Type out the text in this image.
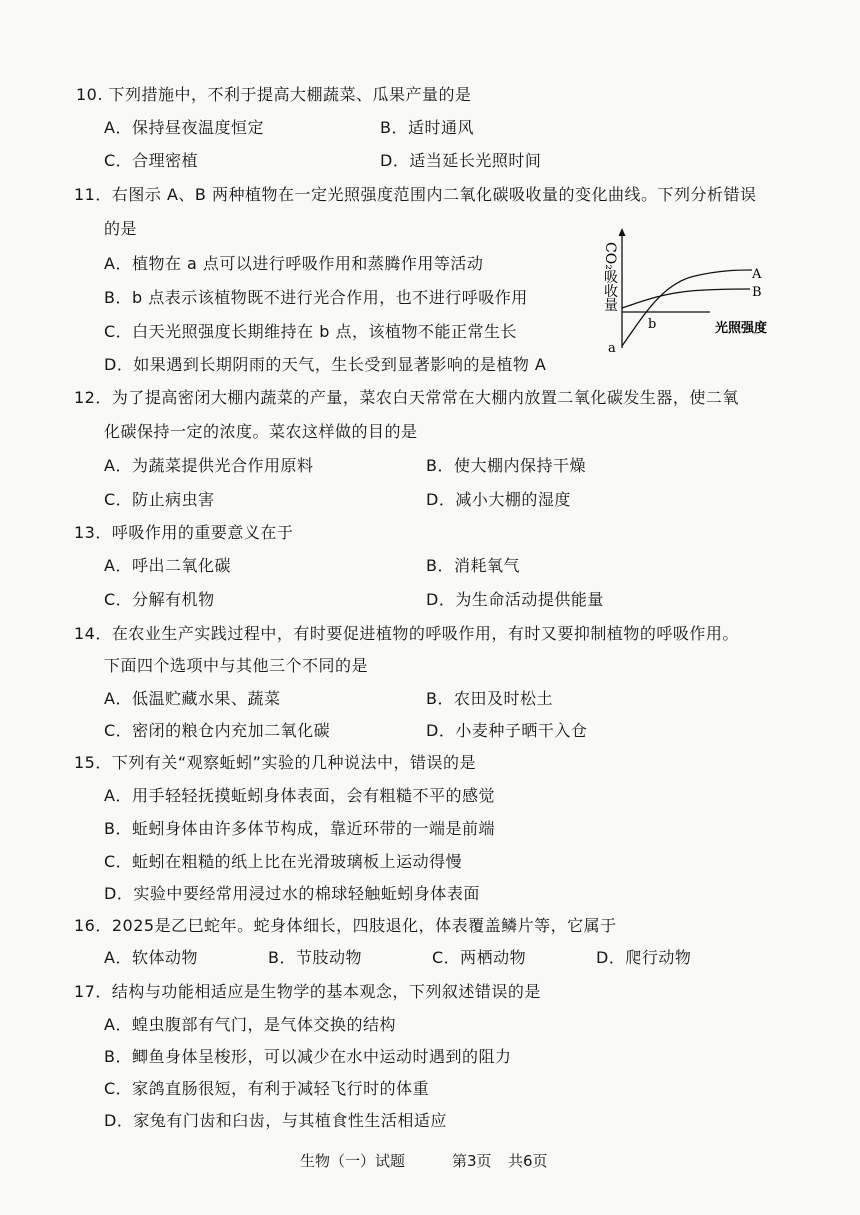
10. 下列措施中，不利于提高大棚蔬菜、瓜果产量的是
A．保持昼夜温度恒定	B．适时通风
C．合理密植	D．适当延长光照时间
11．右图示 A、B 两种植物在一定光照强度范围内二氧化碳吸收量的变化曲线。下列分析错误
的是
A．植物在 a 点可以进行呼吸作用和蒸腾作用等活动
B．b 点表示该植物既不进行光合作用，也不进行呼吸作用
C．白天光照强度长期维持在 b 点，该植物不能正常生长
D．如果遇到长期阴雨的天气，生长受到显著影响的是植物 A
CO₂吸收量	A
B
b
a
光照强度
12．为了提高密闭大棚内蔬菜的产量，菜农白天常常在大棚内放置二氧化碳发生器，使二氧
化碳保持一定的浓度。菜农这样做的目的是
A．为蔬菜提供光合作用原料	B．使大棚内保持干燥
C．防止病虫害	D．减小大棚的湿度
13．呼吸作用的重要意义在于
A．呼出二氧化碳	B．消耗氧气
C．分解有机物	D．为生命活动提供能量
14．在农业生产实践过程中，有时要促进植物的呼吸作用，有时又要抑制植物的呼吸作用。
下面四个选项中与其他三个不同的是
A．低温贮藏水果、蔬菜	B．农田及时松土
C．密闭的粮仓内充加二氧化碳	D．小麦种子晒干入仓
15．下列有关“观察蚯蚓”实验的几种说法中，错误的是
A．用手轻轻抚摸蚯蚓身体表面，会有粗糙不平的感觉
B．蚯蚓身体由许多体节构成，靠近环带的一端是前端
C．蚯蚓在粗糙的纸上比在光滑玻璃板上运动得慢
D．实验中要经常用浸过水的棉球轻触蚯蚓身体表面
16．2025是乙巳蛇年。蛇身体细长，四肢退化，体表覆盖鳞片等，它属于
A．软体动物	B．节肢动物	C．两栖动物	D．爬行动物
17．结构与功能相适应是生物学的基本观念，下列叙述错误的是
A．蝗虫腹部有气门，是气体交换的结构
B．鲫鱼身体呈梭形，可以减少在水中运动时遇到的阻力
C．家鸽直肠很短，有利于减轻飞行时的体重
D．家兔有门齿和臼齿，与其植食性生活相适应
生物（一）试题	第3页 共6页
